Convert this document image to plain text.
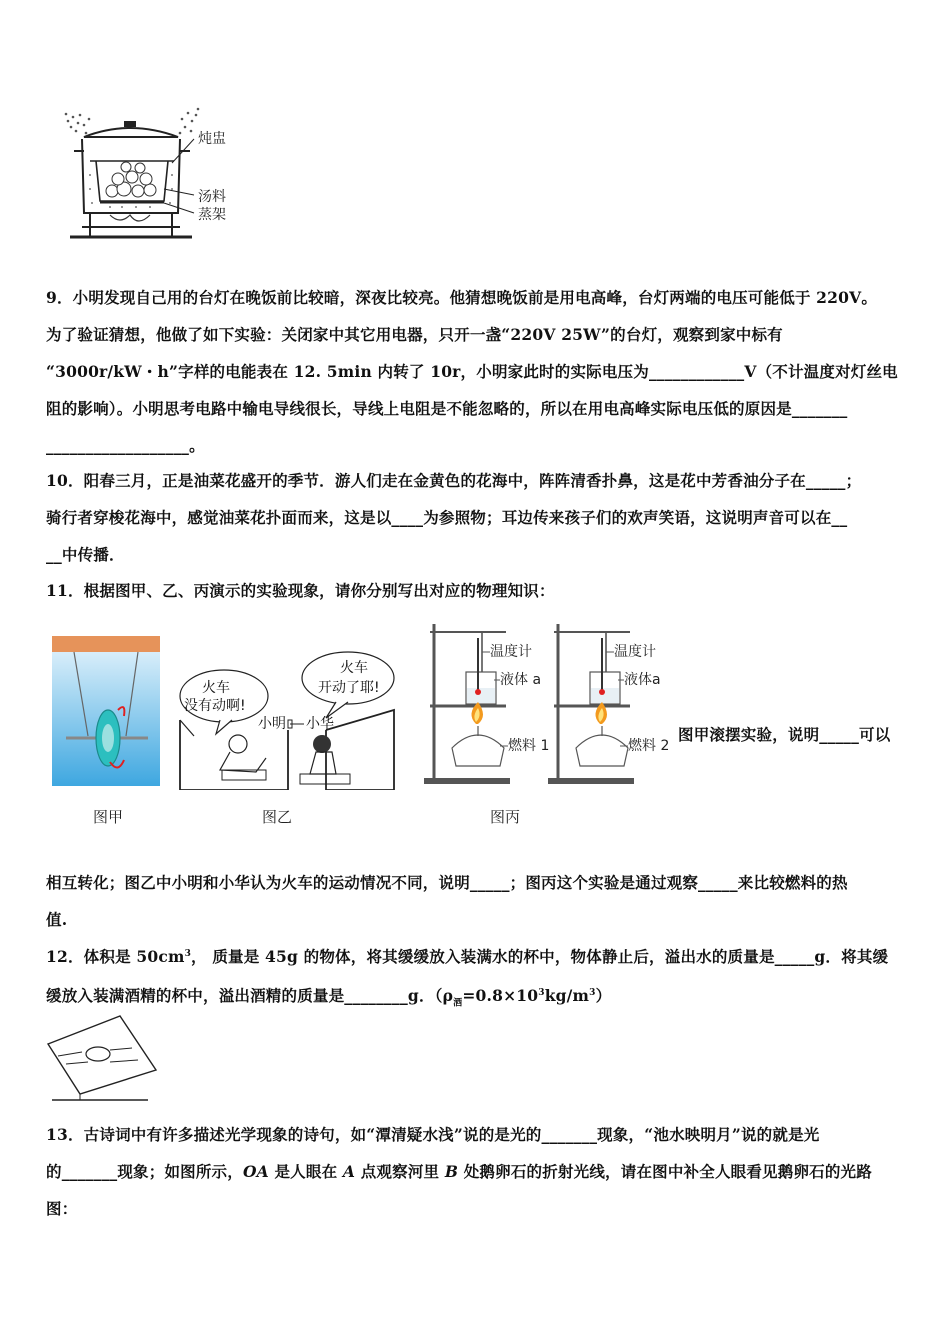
炖盅
汤料
蒸架

9．小明发现自己用的台灯在晚饭前比较暗，深夜比较亮。他猜想晚饭前是用电高峰，台灯两端的电压可能低于 220V。

为了验证猜想，他做了如下实验：关闭家中其它用电器，只开一盏“220V 25W”的台灯，观察到家中标有

“3000r/kW・h”字样的电能表在 12. 5min 内转了 10r，小明家此时的实际电压为____________V（不计温度对灯丝电

阻的影响）。小明思考电路中输电导线很长，导线上电阻是不能忽略的，所以在用电高峰实际电压低的原因是_______

__________________。

10．阳春三月，正是油菜花盛开的季节．游人们走在金黄色的花海中，阵阵清香扑鼻，这是花中芳香油分子在_____；

骑行者穿梭花海中，感觉油菜花扑面而来，这是以____为参照物；耳边传来孩子们的欢声笑语，这说明声音可以在__

__中传播．

11．根据图甲、乙、丙演示的实验现象，请你分别写出对应的物理知识：

图甲
火车
没有动啊!
火车
开动了耶!
小明 小华
图乙
温度计
液体 a
燃料 1
温度计
液体a
燃料 2
图丙
图甲滚摆实验，说明_____可以

相互转化；图乙中小明和小华认为火车的运动情况不同，说明_____；图丙这个实验是通过观察_____来比较燃料的热

值.

12．体积是 $50cm^3$， 质量是 45g 的物体，将其缓缓放入装满水的杯中，物体静止后，溢出水的质量是_____g．将其缓

缓放入装满酒精的杯中，溢出酒精的质量是________g．$(\rho_酒=0.8\times 10^3kg/m^3)$

13．古诗词中有许多描述光学现象的诗句，如“潭清疑水浅”说的是光的_______现象，“池水映明月”说的就是光

的_______现象；如图所示，OA 是人眼在 A 点观察河里 B 处鹅卵石的折射光线，请在图中补全人眼看见鹅卵石的光路

图：
